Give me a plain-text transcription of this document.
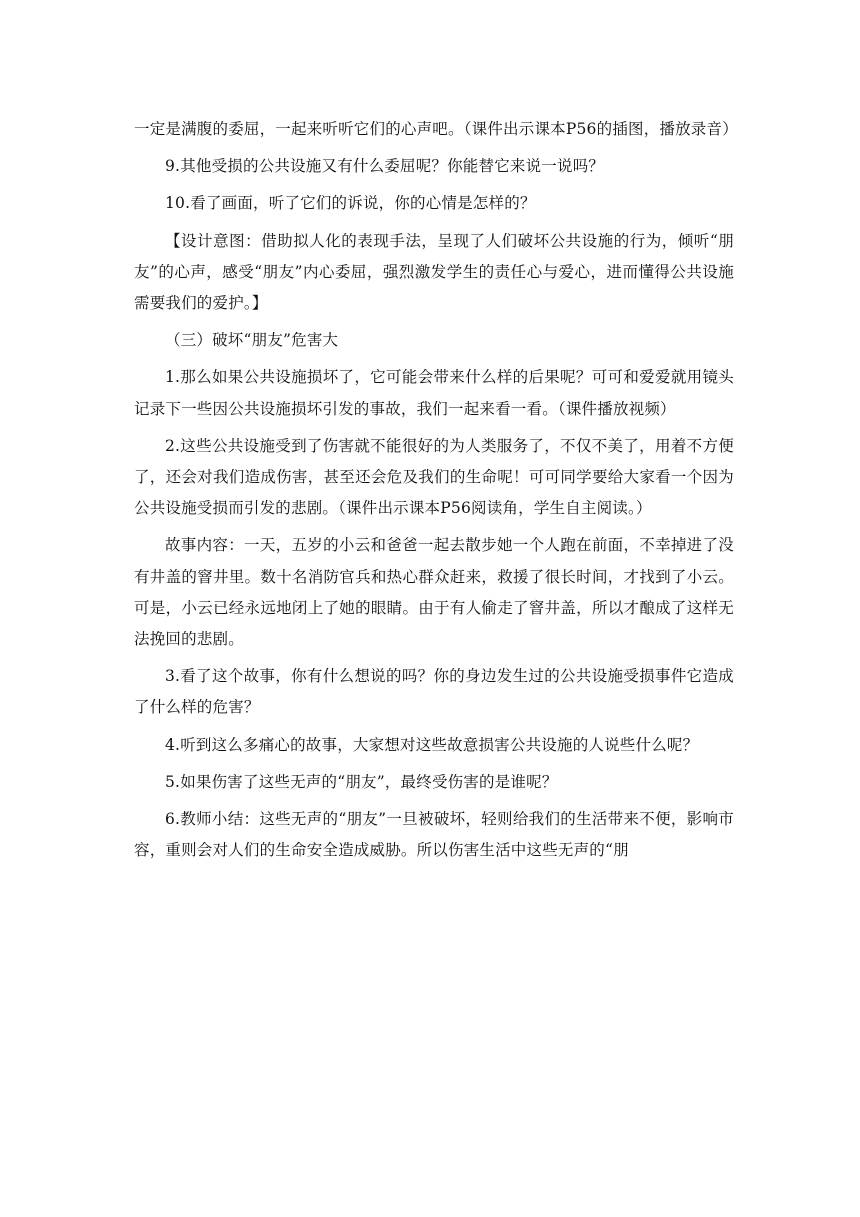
一定是满腹的委屈，一起来听听它们的心声吧。（课件出示课本P56的插图，播放录音）

9.其他受损的公共设施又有什么委屈呢？你能替它来说一说吗？

10.看了画面，听了它们的诉说，你的心情是怎样的？

【设计意图：借助拟人化的表现手法，呈现了人们破坏公共设施的行为，倾听“朋友”的心声，感受“朋友”内心委屈，强烈激发学生的责任心与爱心，进而懂得公共设施需要我们的爱护。】

（三）破坏“朋友”危害大

1.那么如果公共设施损坏了，它可能会带来什么样的后果呢？可可和爱爱就用镜头记录下一些因公共设施损坏引发的事故，我们一起来看一看。（课件播放视频）

2.这些公共设施受到了伤害就不能很好的为人类服务了，不仅不美了，用着不方便了，还会对我们造成伤害，甚至还会危及我们的生命呢！可可同学要给大家看一个因为公共设施受损而引发的悲剧。（课件出示课本P56阅读角，学生自主阅读。）

故事内容：一天，五岁的小云和爸爸一起去散步她一个人跑在前面，不幸掉进了没有井盖的窨井里。数十名消防官兵和热心群众赶来，救援了很长时间，才找到了小云。可是，小云已经永远地闭上了她的眼睛。由于有人偷走了窨井盖，所以才酿成了这样无法挽回的悲剧。

3.看了这个故事，你有什么想说的吗？你的身边发生过的公共设施受损事件它造成了什么样的危害？

4.听到这么多痛心的故事，大家想对这些故意损害公共设施的人说些什么呢？

5.如果伤害了这些无声的“朋友”，最终受伤害的是谁呢？

6.教师小结：这些无声的“朋友”一旦被破坏，轻则给我们的生活带来不便，影响市容，重则会对人们的生命安全造成威胁。所以伤害生活中这些无声的“朋
